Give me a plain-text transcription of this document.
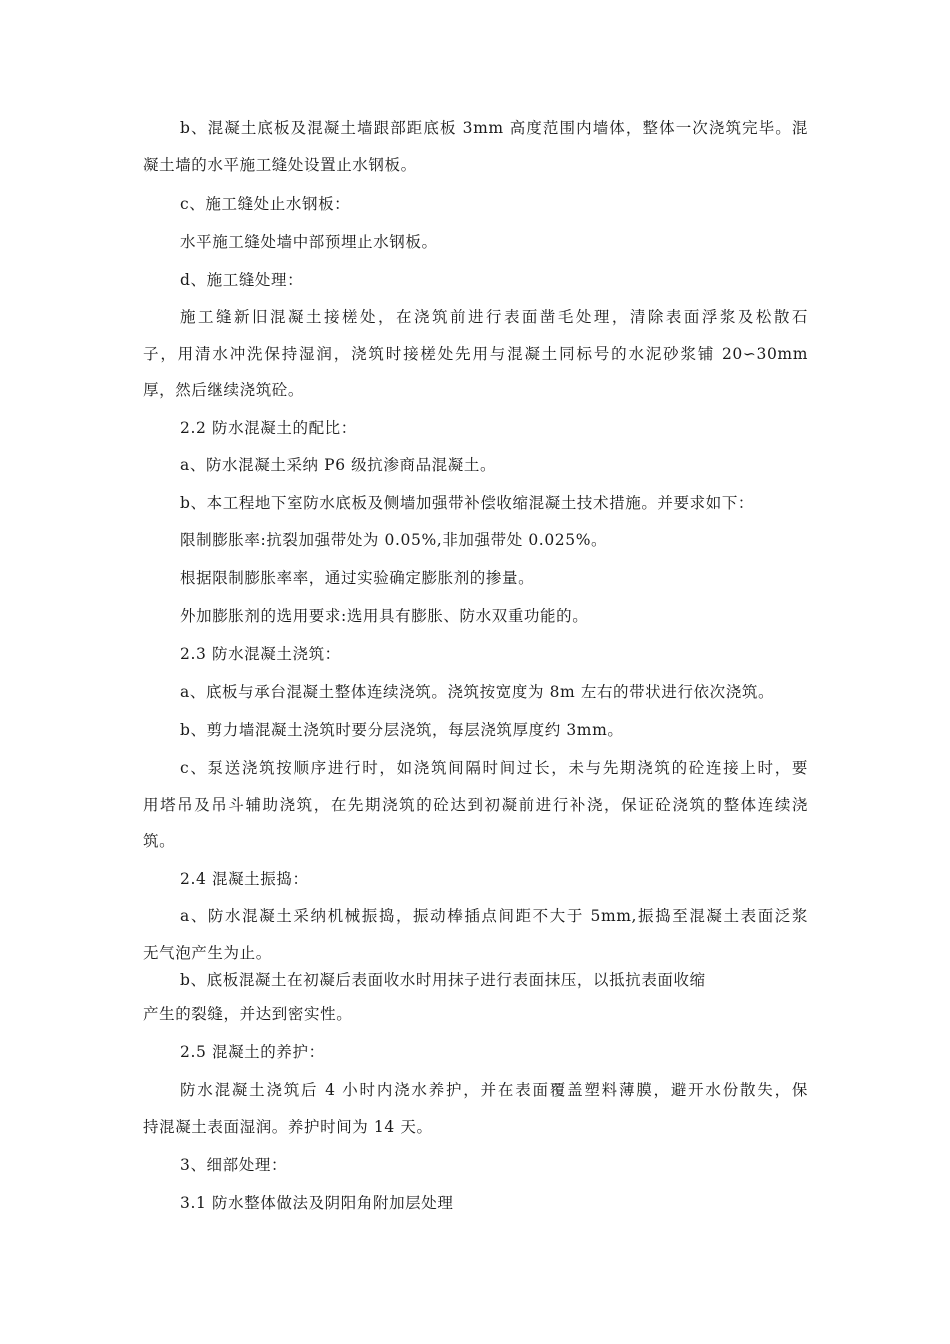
b、混凝土底板及混凝土墙跟部距底板 3mm 高度范围内墙体，整体一次浇筑完毕。混
凝土墙的水平施工缝处设置止水钢板。
c、施工缝处止水钢板：
水平施工缝处墙中部预埋止水钢板。
d、施工缝处理：
施工缝新旧混凝土接槎处，在浇筑前进行表面凿毛处理，清除表面浮浆及松散石
子，用清水冲洗保持湿润，浇筑时接槎处先用与混凝土同标号的水泥砂浆铺 20∽30mm
厚，然后继续浇筑砼。
2.2 防水混凝土的配比：
a、防水混凝土采纳 P6 级抗渗商品混凝土。
b、本工程地下室防水底板及侧墙加强带补偿收缩混凝土技术措施。并要求如下：
限制膨胀率:抗裂加强带处为 0.05%,非加强带处 0.025%。
根据限制膨胀率率，通过实验确定膨胀剂的掺量。
外加膨胀剂的选用要求:选用具有膨胀、防水双重功能的。
2.3 防水混凝土浇筑：
a、底板与承台混凝土整体连续浇筑。浇筑按宽度为 8m 左右的带状进行依次浇筑。
b、剪力墙混凝土浇筑时要分层浇筑，每层浇筑厚度约 3mm。
c、泵送浇筑按顺序进行时，如浇筑间隔时间过长，未与先期浇筑的砼连接上时，要
用塔吊及吊斗辅助浇筑，在先期浇筑的砼达到初凝前进行补浇，保证砼浇筑的整体连续浇
筑。
2.4 混凝土振捣：
a、防水混凝土采纳机械振捣，振动棒插点间距不大于 5mm,振捣至混凝土表面泛浆
无气泡产生为止。
b、底板混凝土在初凝后表面收水时用抹子进行表面抹压，以抵抗表面收缩
产生的裂缝，并达到密实性。
2.5 混凝土的养护：
防水混凝土浇筑后 4 小时内浇水养护，并在表面覆盖塑料薄膜，避开水份散失，保
持混凝土表面湿润。养护时间为 14 天。
3、细部处理：
3.1 防水整体做法及阴阳角附加层处理
